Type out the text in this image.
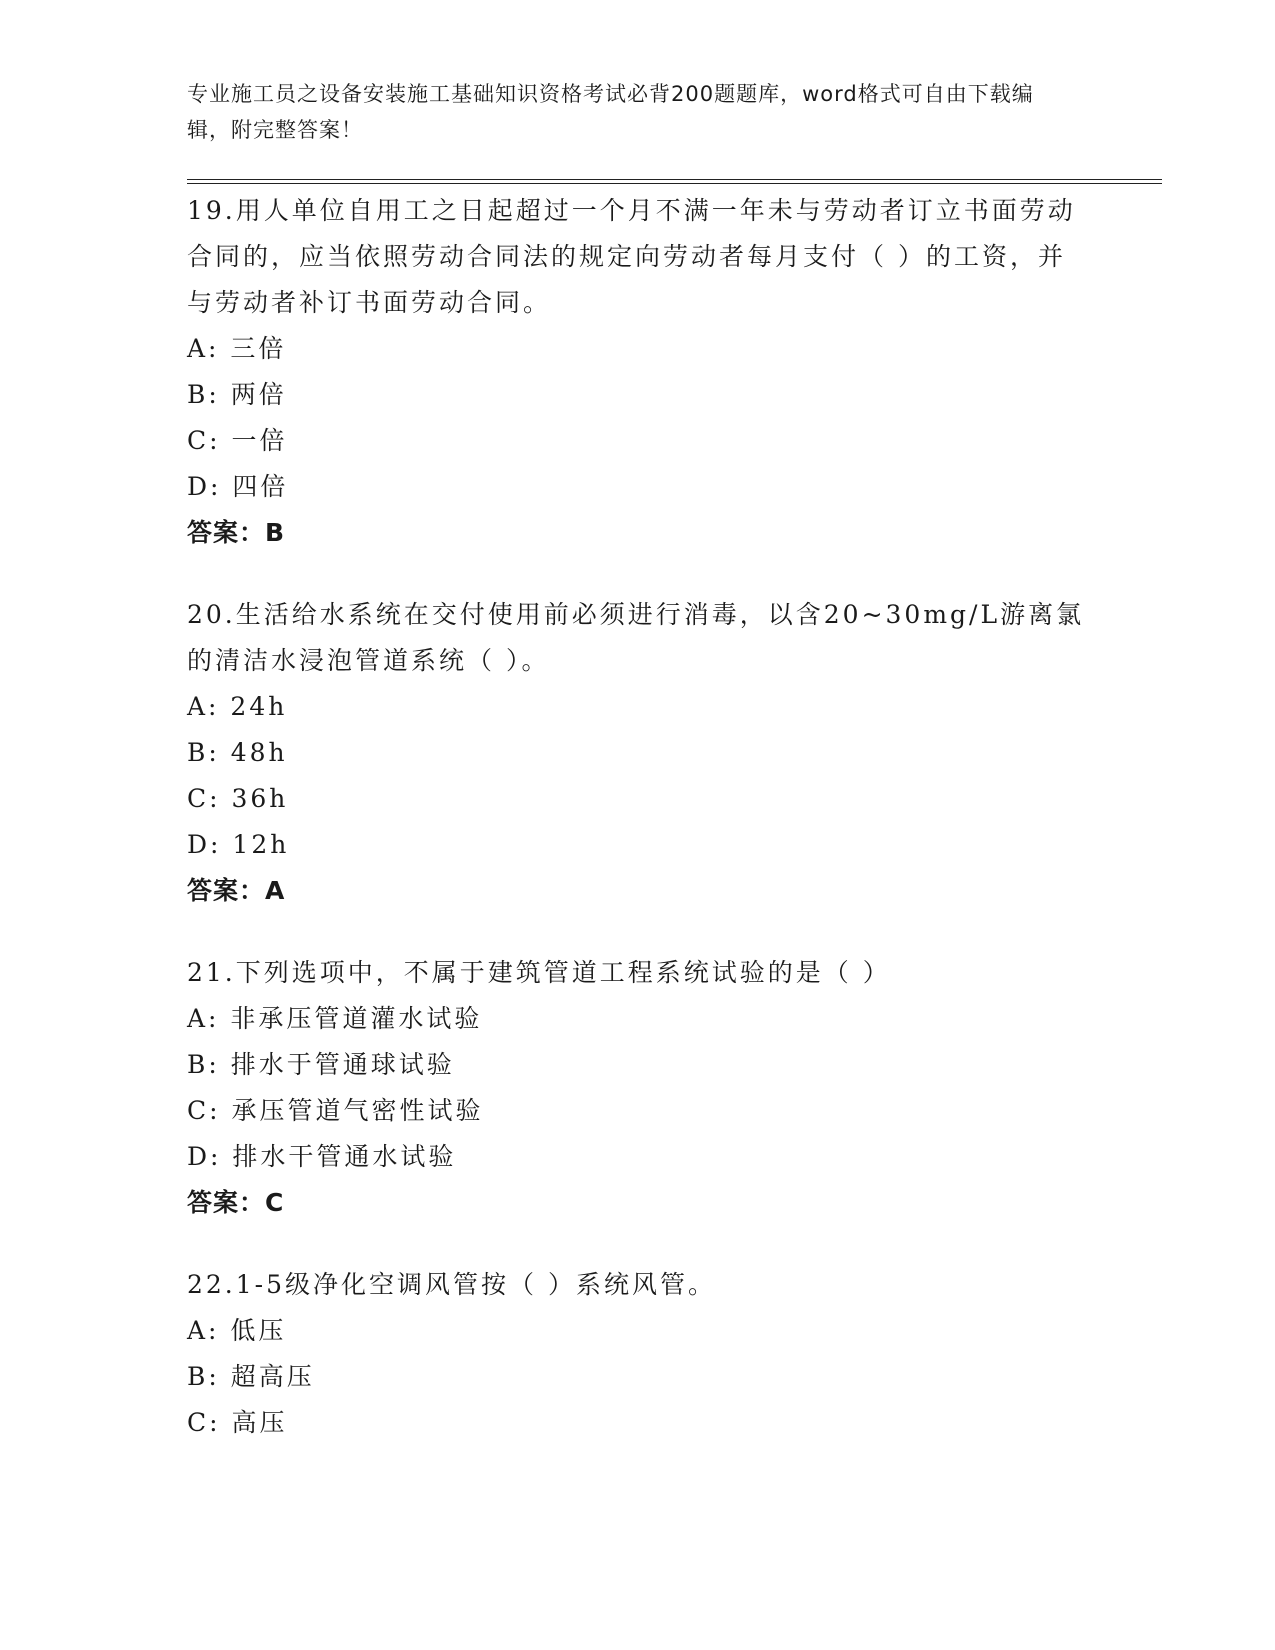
专业施工员之设备安装施工基础知识资格考试必背200题题库，word格式可自由下载编辑，附完整答案！
19.用人单位自用工之日起超过一个月不满一年未与劳动者订立书面劳动合同的，应当依照劳动合同法的规定向劳动者每月支付（ ）的工资，并与劳动者补订书面劳动合同。
A: 三倍
B: 两倍
C: 一倍
D: 四倍
答案：B
20.生活给水系统在交付使用前必须进行消毒，以含20~30mg/L游离氯的清洁水浸泡管道系统（ ）。
A: 24h
B: 48h
C: 36h
D: 12h
答案：A
21.下列选项中，不属于建筑管道工程系统试验的是（ ）
A: 非承压管道灌水试验
B: 排水于管通球试验
C: 承压管道气密性试验
D: 排水干管通水试验
答案：C
22.1-5级净化空调风管按（ ）系统风管。
A: 低压
B: 超高压
C: 高压
